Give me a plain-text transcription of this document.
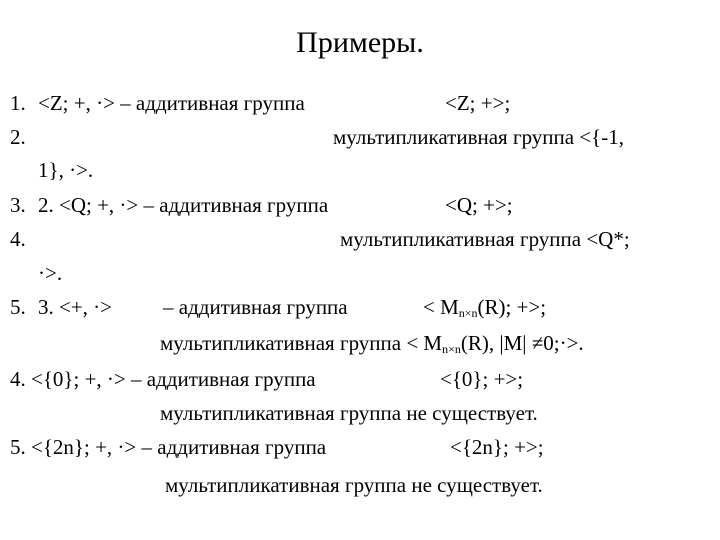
Примеры.
1. <Z; +, ·> – аддитивная группа	<Z; +>;
2.	мультипликативная группа <{-1,
1}, ·>.
3. 2. <Q; +, ·> – аддитивная группа	<Q; +>;
4.	мультипликативная группа <Q*;
·>.
5. 3. <+, ·> – аддитивная группа	< Mn×n(R); +>;
мультипликативная группа < Mn×n(R), |M| ≠0;·>.
4. <{0}; +, ·> – аддитивная группа	<{0}; +>;
мультипликативная группа не существует.
5. <{2n}; +, ·> – аддитивная группа	<{2n}; +>;
мультипликативная группа не существует.
